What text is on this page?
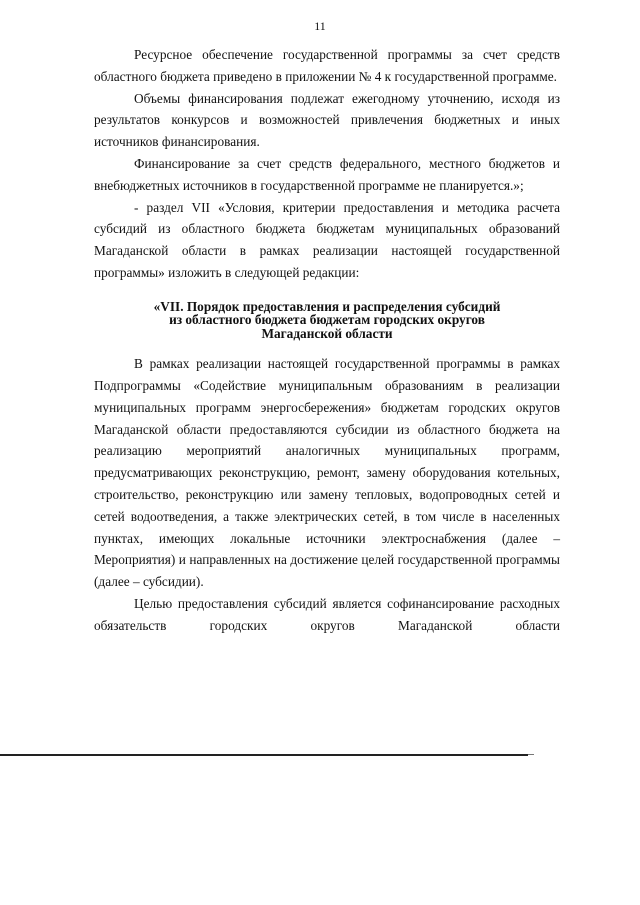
11

Ресурсное обеспечение государственной программы за счет средств областного бюджета приведено в приложении № 4 к государственной программе.

Объемы финансирования подлежат ежегодному уточнению, исходя из результатов конкурсов и возможностей привлечения бюджетных и иных источников финансирования.

Финансирование за счет средств федерального, местного бюджетов и внебюджетных источников в государственной программе не планируется.»;

- раздел VII «Условия, критерии предоставления и методика расчета субсидий из областного бюджета бюджетам муниципальных образований Магаданской области в рамках реализации настоящей государственной программы» изложить в следующей редакции:

«VII. Порядок предоставления и распределения субсидий
из областного бюджета бюджетам городских округов
Магаданской области

В рамках реализации настоящей государственной программы в рамках Подпрограммы «Содействие муниципальным образованиям в реализации муниципальных программ энергосбережения» бюджетам городских округов Магаданской области предоставляются субсидии из областного бюджета на реализацию мероприятий аналогичных муниципальных программ, предусматривающих реконструкцию, ремонт, замену оборудования котельных, строительство, реконструкцию или замену тепловых, водопроводных сетей и сетей водоотведения, а также электрических сетей, в том числе в населенных пунктах, имеющих локальные источники электроснабжения (далее – Мероприятия) и направленных на достижение целей государственной программы (далее – субсидии).

Целью предоставления субсидий является софинансирование расходных обязательств городских округов Магаданской области
